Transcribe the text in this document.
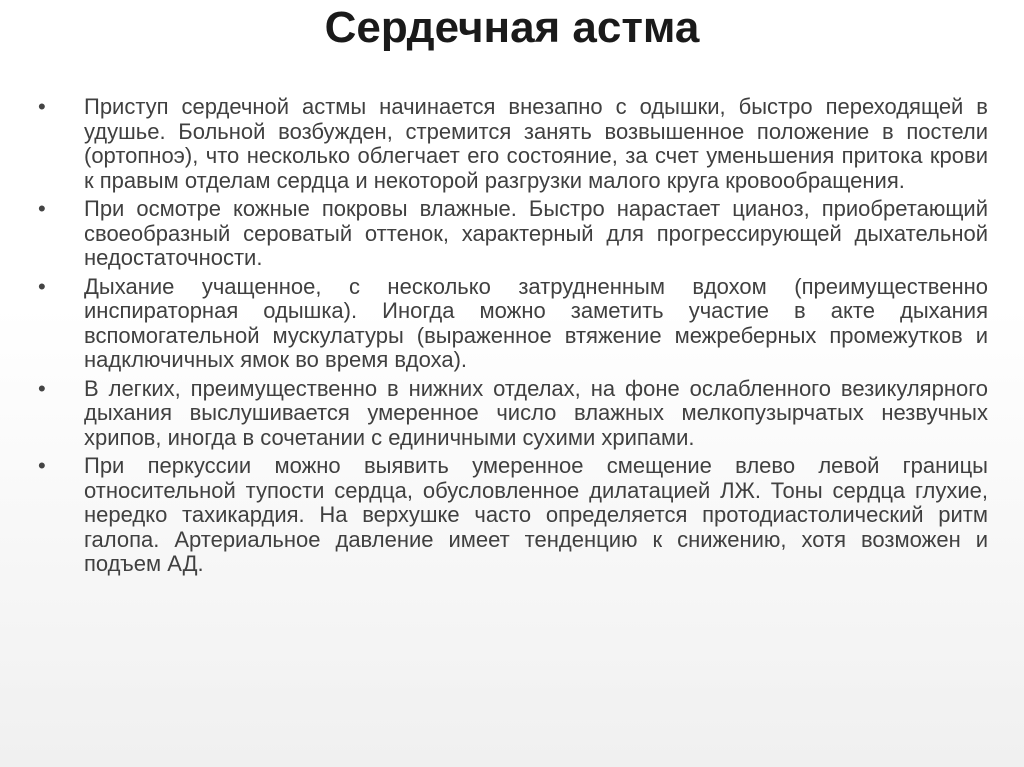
Сердечная астма
•	Приступ сердечной астмы начинается внезапно с одышки, быстро переходящей в удушье. Больной возбужден, стремится занять возвышенное положение в постели (ортопноэ), что несколько облегчает его состояние, за счет уменьшения притока крови к правым отделам сердца и некоторой разгрузки малого круга кровообращения.
•	При осмотре кожные покровы влажные. Быстро нарастает цианоз, приобретающий своеобразный сероватый оттенок, характерный для прогрессирующей дыхательной недостаточности.
•	Дыхание учащенное, с несколько затрудненным вдохом (преимущественно инспираторная одышка). Иногда можно заметить участие в акте дыхания вспомогательной мускулатуры (выраженное втяжение межреберных промежутков и надключичных ямок во время вдоха).
•	В легких, преимущественно в нижних отделах, на фоне ослабленного везикулярного дыхания выслушивается умеренное число влажных мелкопузырчатых незвучных хрипов, иногда в сочетании с единичными сухими хрипами.
•	При перкуссии можно выявить умеренное смещение влево левой границы относительной тупости сердца, обусловленное дилатацией ЛЖ. Тоны сердца глухие, нередко тахикардия. На верхушке часто определяется протодиастолический ритм галопа. Артериальное давление имеет тенденцию к снижению, хотя возможен и подъем АД.
